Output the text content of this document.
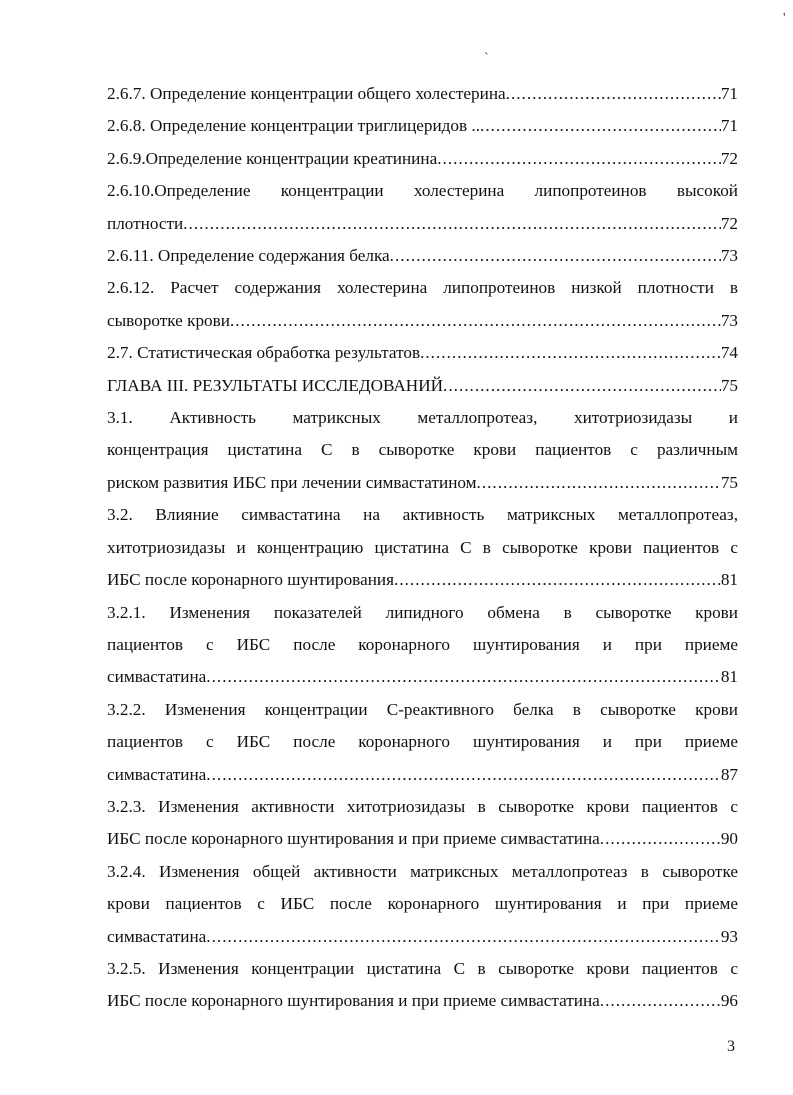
`
'
2.6.7. Определение концентрации общего холестерина .....	71
2.6.8. Определение концентрации триглицеридов .. .....	71
2.6.9.Определение концентрации креатинина .....	72
2.6.10.Определение концентрации холестерина липопротеинов высокой
плотности .....	72
2.6.11. Определение содержания белка .....	73
2.6.12. Расчет содержания холестерина липопротеинов низкой плотности в
сыворотке крови .....	73
2.7. Статистическая обработка результатов .....	74
ГЛАВА III. РЕЗУЛЬТАТЫ ИССЛЕДОВАНИЙ .....	75
3.1. Активность матриксных металлопротеаз, хитотриозидазы и
концентрация цистатина С в сыворотке крови пациентов с различным
риском развития ИБС при лечении симвастатином .....	75
3.2. Влияние симвастатина на активность матриксных металлопротеаз,
хитотриозидазы и концентрацию цистатина С в сыворотке крови пациентов с
ИБС после коронарного шунтирования .....	81
3.2.1. Изменения показателей липидного обмена в сыворотке крови
пациентов с ИБС после коронарного шунтирования и при приеме
симвастатина .....	81
3.2.2. Изменения концентрации С-реактивного белка в сыворотке крови
пациентов с ИБС после коронарного шунтирования и при приеме
симвастатина .....	87
3.2.3. Изменения активности хитотриозидазы в сыворотке крови пациентов с
ИБС после коронарного шунтирования и при приеме симвастатина .....	90
3.2.4. Изменения общей активности матриксных металлопротеаз в сыворотке
крови пациентов с ИБС после коронарного шунтирования и при приеме
симвастатина .....	93
3.2.5. Изменения концентрации цистатина С в сыворотке крови пациентов с
ИБС после коронарного шунтирования и при приеме симвастатина .....	96
3
